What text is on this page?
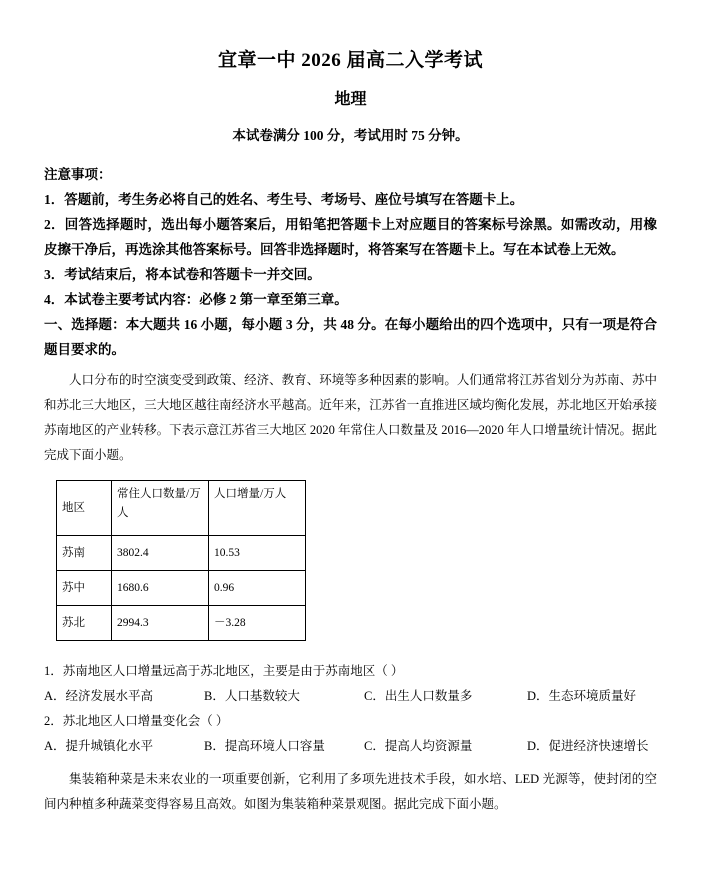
宜章一中 2026 届高二入学考试
地理

本试卷满分 100 分，考试用时 75 分钟。

注意事项：

1．答题前，考生务必将自己的姓名、考生号、考场号、座位号填写在答题卡上。

2．回答选择题时，选出每小题答案后，用铅笔把答题卡上对应题目的答案标号涂黑。如需改动，用橡皮擦干净后，再选涂其他答案标号。回答非选择题时，将答案写在答题卡上。写在本试卷上无效。

3．考试结束后，将本试卷和答题卡一并交回。

4．本试卷主要考试内容：必修 2 第一章至第三章。

一、选择题：本大题共 16 小题，每小题 3 分，共 48 分。在每小题给出的四个选项中，只有一项是符合题目要求的。

人口分布的时空演变受到政策、经济、教育、环境等多种因素的影响。人们通常将江苏省划分为苏南、苏中和苏北三大地区，三大地区越往南经济水平越高。近年来，江苏省一直推进区域均衡化发展，苏北地区开始承接苏南地区的产业转移。下表示意江苏省三大地区 2020 年常住人口数量及 2016—2020 年人口增量统计情况。据此完成下面小题。

地区	常住人口数量/万人	人口增量/万人
苏南	3802.4	10.53
苏中	1680.6	0.96
苏北	2994.3	－3.28

1．苏南地区人口增量远高于苏北地区，主要是由于苏南地区（ ）

A．经济发展水平高	B．人口基数较大	C．出生人口数量多	D．生态环境质量好

2．苏北地区人口增量变化会（ ）

A．提升城镇化水平	B．提高环境人口容量	C．提高人均资源量	D．促进经济快速增长

集装箱种菜是未来农业的一项重要创新，它利用了多项先进技术手段，如水培、LED 光源等，使封闭的空间内种植多种蔬菜变得容易且高效。如图为集装箱种菜景观图。据此完成下面小题。
